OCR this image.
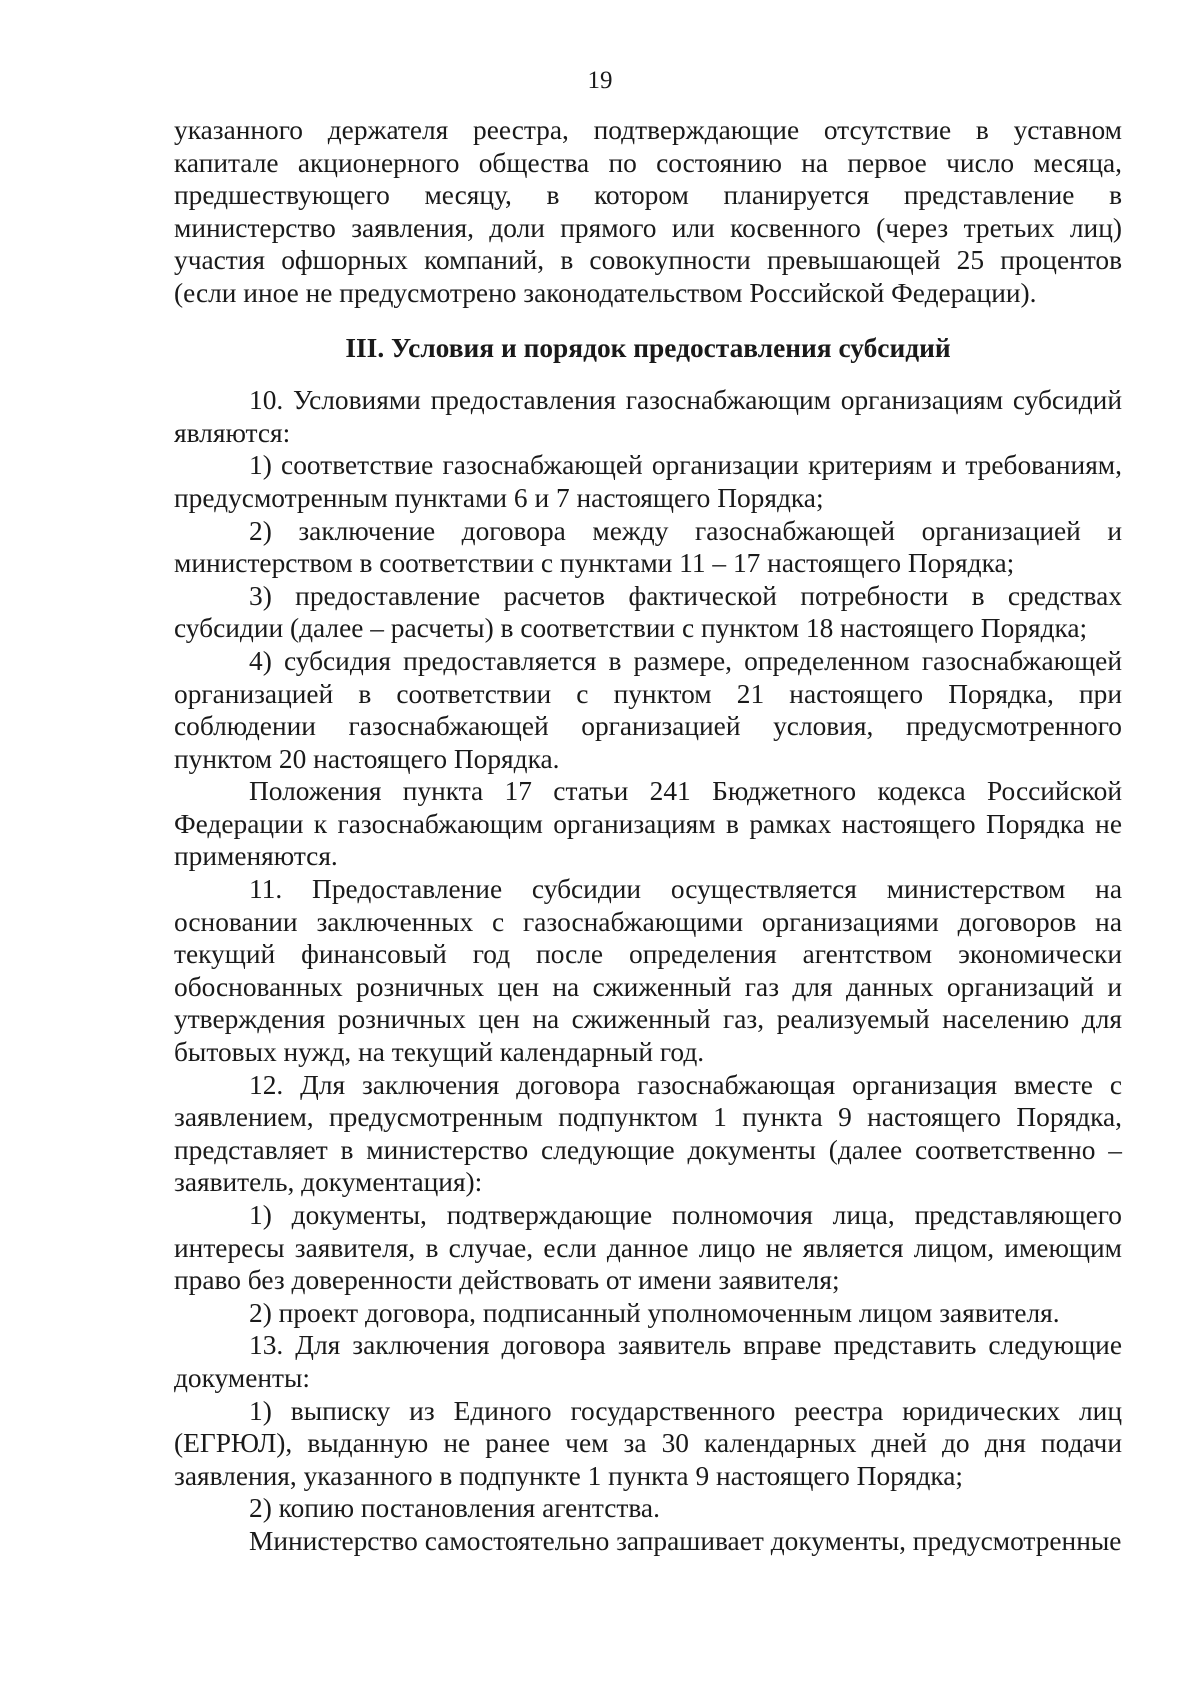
19

указанного держателя реестра, подтверждающие отсутствие в уставном капитале акционерного общества по состоянию на первое число месяца, предшествующего месяцу, в котором планируется представление в министерство заявления, доли прямого или косвенного (через третьих лиц) участия офшорных компаний, в совокупности превышающей 25 процентов (если иное не предусмотрено законодательством Российской Федерации).

III. Условия и порядок предоставления субсидий

10. Условиями предоставления газоснабжающим организациям субсидий являются:

1) соответствие газоснабжающей организации критериям и требованиям, предусмотренным пунктами 6 и 7 настоящего Порядка;

2) заключение договора между газоснабжающей организацией и министерством в соответствии с пунктами 11 – 17 настоящего Порядка;

3) предоставление расчетов фактической потребности в средствах субсидии (далее – расчеты) в соответствии с пунктом 18 настоящего Порядка;

4) субсидия предоставляется в размере, определенном газоснабжающей организацией в соответствии с пунктом 21 настоящего Порядка, при соблюдении газоснабжающей организацией условия, предусмотренного пунктом 20 настоящего Порядка.

Положения пункта 17 статьи 241 Бюджетного кодекса Российской Федерации к газоснабжающим организациям в рамках настоящего Порядка не применяются.

11. Предоставление субсидии осуществляется министерством на основании заключенных с газоснабжающими организациями договоров на текущий финансовый год после определения агентством экономически обоснованных розничных цен на сжиженный газ для данных организаций и утверждения розничных цен на сжиженный газ, реализуемый населению для бытовых нужд, на текущий календарный год.

12. Для заключения договора газоснабжающая организация вместе с заявлением, предусмотренным подпунктом 1 пункта 9 настоящего Порядка, представляет в министерство следующие документы (далее соответственно – заявитель, документация):

1) документы, подтверждающие полномочия лица, представляющего интересы заявителя, в случае, если данное лицо не является лицом, имеющим право без доверенности действовать от имени заявителя;

2) проект договора, подписанный уполномоченным лицом заявителя.

13. Для заключения договора заявитель вправе представить следующие документы:

1) выписку из Единого государственного реестра юридических лиц (ЕГРЮЛ), выданную не ранее чем за 30 календарных дней до дня подачи заявления, указанного в подпункте 1 пункта 9 настоящего Порядка;

2) копию постановления агентства.

Министерство самостоятельно запрашивает документы, предусмотренные
